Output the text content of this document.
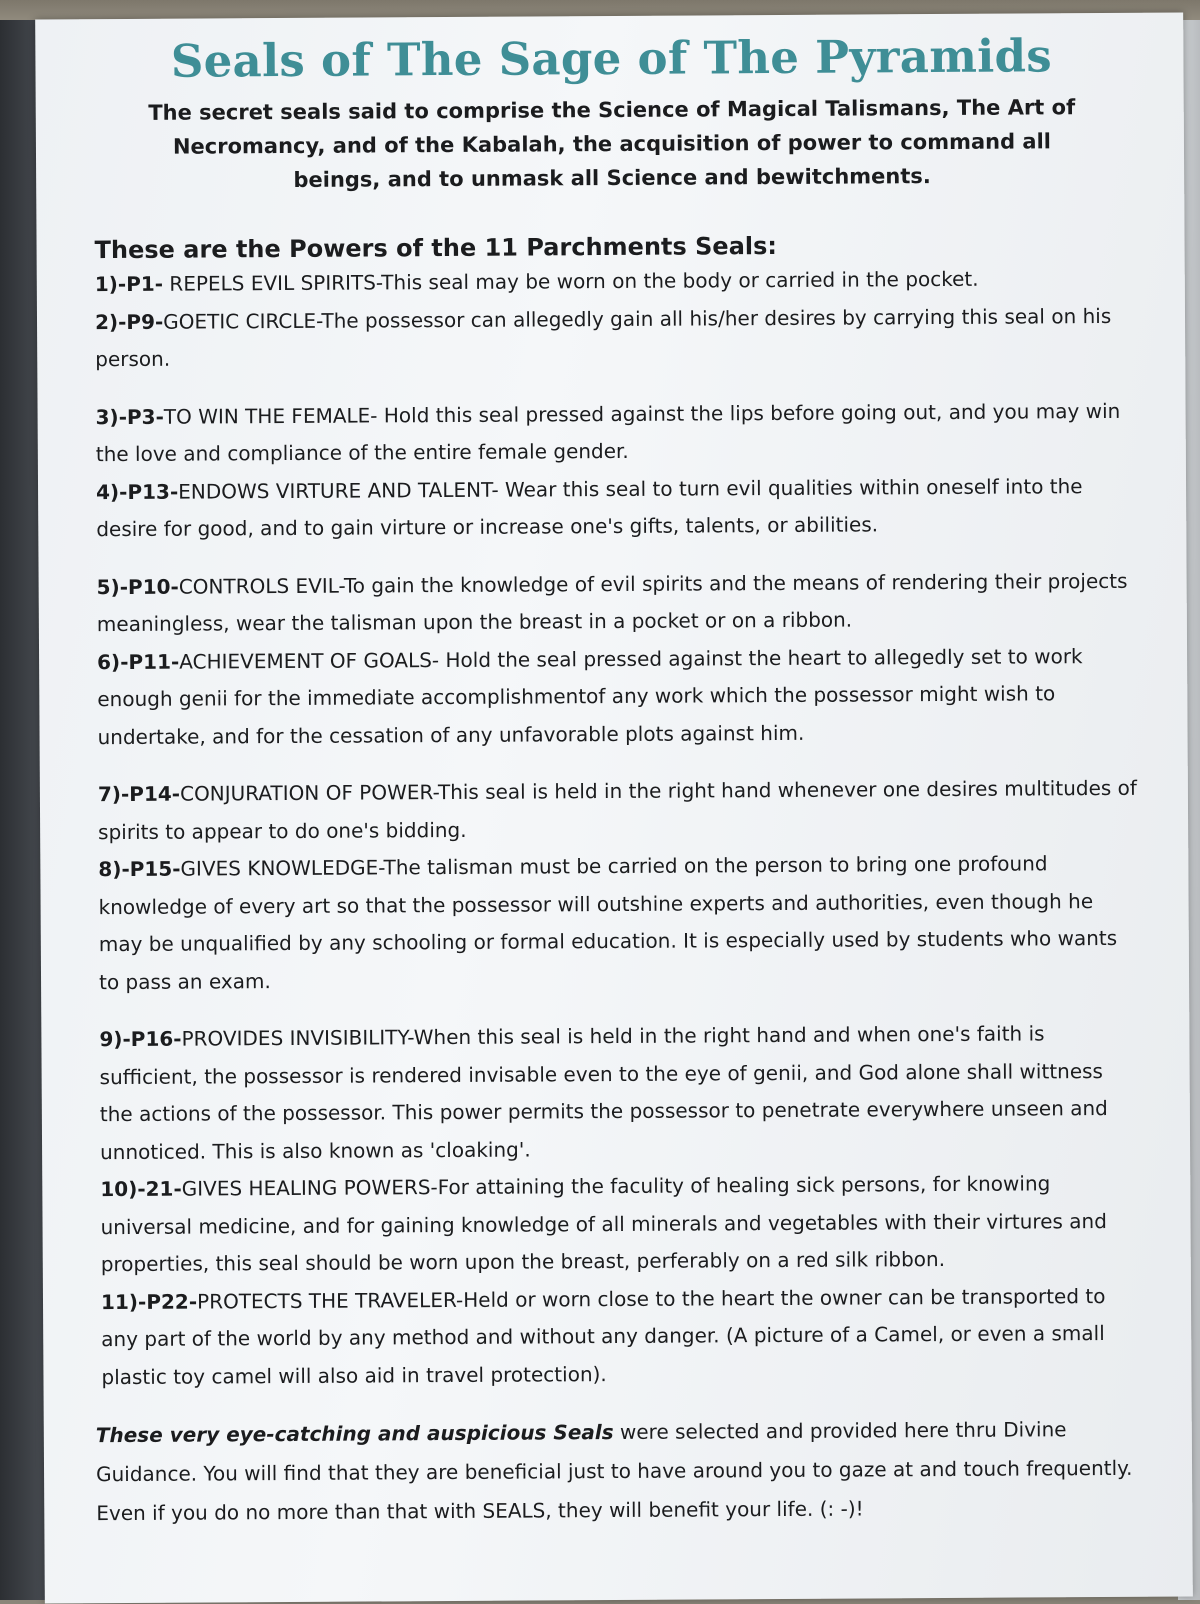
Seals of The Sage of The Pyramids

The secret seals said to comprise the Science of Magical Talismans, The Art of Necromancy, and of the Kabalah, the acquisition of power to command all beings, and to unmask all Science and bewitchments.

These are the Powers of the 11 Parchments Seals:

1)-P1- REPELS EVIL SPIRITS-This seal may be worn on the body or carried in the pocket.

2)-P9-GOETIC CIRCLE-The possessor can allegedly gain all his/her desires by carrying this seal on his person.

3)-P3-TO WIN THE FEMALE- Hold this seal pressed against the lips before going out, and you may win the love and compliance of the entire female gender.

4)-P13-ENDOWS VIRTURE AND TALENT- Wear this seal to turn evil qualities within oneself into the desire for good, and to gain virture or increase one's gifts, talents, or abilities.

5)-P10-CONTROLS EVIL-To gain the knowledge of evil spirits and the means of rendering their projects meaningless, wear the talisman upon the breast in a pocket or on a ribbon.

6)-P11-ACHIEVEMENT OF GOALS- Hold the seal pressed against the heart to allegedly set to work enough genii for the immediate accomplishmentof any work which the possessor might wish to undertake, and for the cessation of any unfavorable plots against him.

7)-P14-CONJURATION OF POWER-This seal is held in the right hand whenever one desires multitudes of spirits to appear to do one's bidding.

8)-P15-GIVES KNOWLEDGE-The talisman must be carried on the person to bring one profound knowledge of every art so that the possessor will outshine experts and authorities, even though he may be unqualified by any schooling or formal education. It is especially used by students who wants to pass an exam.

9)-P16-PROVIDES INVISIBILITY-When this seal is held in the right hand and when one's faith is sufficient, the possessor is rendered invisable even to the eye of genii, and God alone shall wittness the actions of the possessor. This power permits the possessor to penetrate everywhere unseen and unnoticed. This is also known as 'cloaking'.

10)-21-GIVES HEALING POWERS-For attaining the faculity of healing sick persons, for knowing universal medicine, and for gaining knowledge of all minerals and vegetables with their virtures and properties, this seal should be worn upon the breast, perferably on a red silk ribbon.

11)-P22-PROTECTS THE TRAVELER-Held or worn close to the heart the owner can be transported to any part of the world by any method and without any danger. (A picture of a Camel, or even a small plastic toy camel will also aid in travel protection).

These very eye-catching and auspicious Seals were selected and provided here thru Divine Guidance. You will find that they are beneficial just to have around you to gaze at and touch frequently. Even if you do no more than that with SEALS, they will benefit your life. (: -)!
